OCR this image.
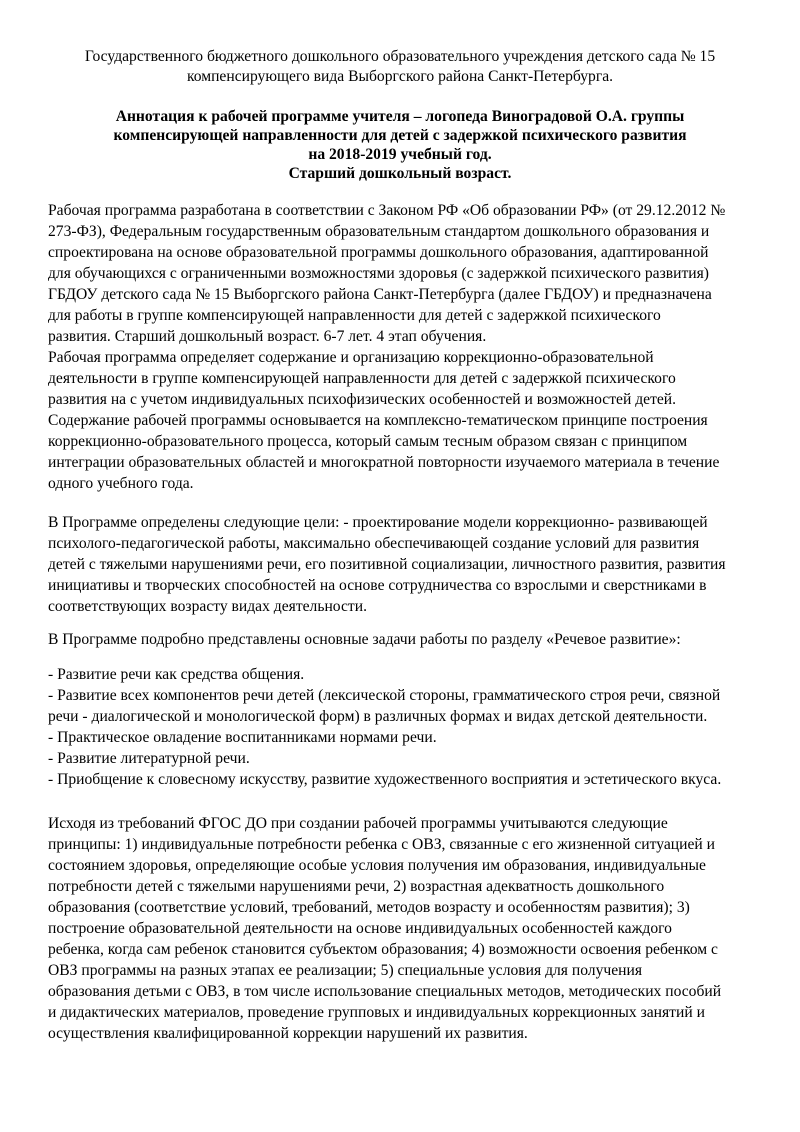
Государственного бюджетного дошкольного образовательного учреждения детского сада № 15
компенсирующего вида Выборгского района Санкт-Петербурга.
Аннотация к рабочей программе учителя – логопеда Виноградовой О.А. группы
компенсирующей направленности для детей с задержкой психического развития
на 2018-2019 учебный год.
Старший дошкольный возраст.
Рабочая программа разработана в соответствии с Законом РФ «Об образовании РФ» (от 29.12.2012 №
273-ФЗ), Федеральным государственным образовательным стандартом дошкольного образования и
спроектирована на основе образовательной программы дошкольного образования, адаптированной
для обучающихся с ограниченными возможностями здоровья (с задержкой психического развития)
ГБДОУ детского сада № 15 Выборгского района Санкт-Петербурга (далее ГБДОУ) и предназначена
для работы в группе компенсирующей направленности для детей с задержкой психического
развития. Старший дошкольный возраст. 6-7 лет. 4 этап обучения.
Рабочая программа определяет содержание и организацию коррекционно-образовательной
деятельности в группе компенсирующей направленности для детей с задержкой психического
развития на с учетом индивидуальных психофизических особенностей и возможностей детей.
Содержание рабочей программы основывается на комплексно-тематическом принципе построения
коррекционно-образовательного процесса, который самым тесным образом связан с принципом
интеграции образовательных областей и многократной повторности изучаемого материала в течение
одного учебного года.
В Программе определены следующие цели: - проектирование модели коррекционно- развивающей
психолого-педагогической работы, максимально обеспечивающей создание условий для развития
детей с тяжелыми нарушениями речи, его позитивной социализации, личностного развития, развития
инициативы и творческих способностей на основе сотрудничества со взрослыми и сверстниками в
соответствующих возрасту видах деятельности.
В Программе подробно представлены основные задачи работы по разделу «Речевое развитие»:
- Развитие речи как средства общения.
- Развитие всех компонентов речи детей (лексической стороны, грамматического строя речи, связной
речи - диалогической и монологической форм) в различных формах и видах детской деятельности.
- Практическое овладение воспитанниками нормами речи.
- Развитие литературной речи.
- Приобщение к словесному искусству, развитие художественного восприятия и эстетического вкуса.
Исходя из требований ФГОС ДО при создании рабочей программы учитываются следующие
принципы: 1) индивидуальные потребности ребенка с ОВЗ, связанные с его жизненной ситуацией и
состоянием здоровья, определяющие особые условия получения им образования, индивидуальные
потребности детей с тяжелыми нарушениями речи, 2) возрастная адекватность дошкольного
образования (соответствие условий, требований, методов возрасту и особенностям развития); 3)
построение образовательной деятельности на основе индивидуальных особенностей каждого
ребенка, когда сам ребенок становится субъектом образования; 4) возможности освоения ребенком с
ОВЗ программы на разных этапах ее реализации; 5) специальные условия для получения
образования детьми с ОВЗ, в том числе использование специальных методов, методических пособий
и дидактических материалов, проведение групповых и индивидуальных коррекционных занятий и
осуществления квалифицированной коррекции нарушений их развития.
